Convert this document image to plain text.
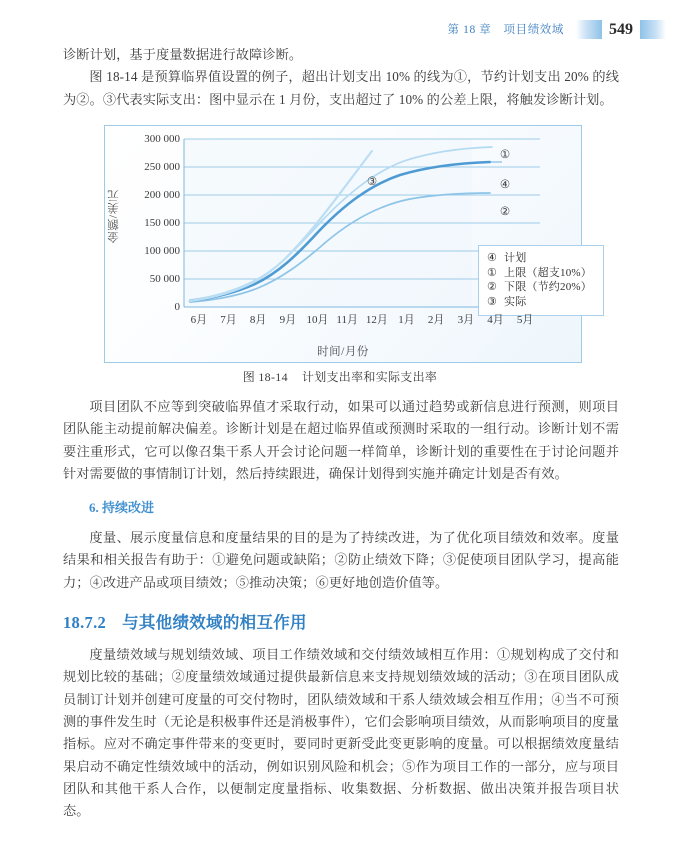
第 18 章　项目绩效域	549

诊断计划，基于度量数据进行故障诊断。

图 18-14 是预算临界值设置的例子，超出计划支出 10% 的线为①，节约计划支出 20% 的线为②。③代表实际支出：图中显示在 1 月份，支出超过了 10% 的公差上限，将触发诊断计划。

金额/美元
时间/月份
0
50 000
100 000
150 000
200 000
250 000
300 000
④ 计划
① 上限（超支10%）
② 下限（节约20%）
③ 实际
6月 7月 8月 9月 10月 11月 12月 1月 2月 3月 4月 5月
①
④
②
③
图 18-14 计划支出率和实际支出率

项目团队不应等到突破临界值才采取行动，如果可以通过趋势或新信息进行预测，则项目团队能主动提前解决偏差。诊断计划是在超过临界值或预测时采取的一组行动。诊断计划不需要注重形式，它可以像召集干系人开会讨论问题一样简单，诊断计划的重要性在于讨论问题并针对需要做的事情制订计划，然后持续跟进，确保计划得到实施并确定计划是否有效。

6. 持续改进

度量、展示度量信息和度量结果的目的是为了持续改进，为了优化项目绩效和效率。度量结果和相关报告有助于：①避免问题或缺陷；②防止绩效下降；③促使项目团队学习，提高能力；④改进产品或项目绩效；⑤推动决策；⑥更好地创造价值等。

18.7.2 与其他绩效域的相互作用

度量绩效域与规划绩效域、项目工作绩效域和交付绩效域相互作用：①规划构成了交付和规划比较的基础；②度量绩效域通过提供最新信息来支持规划绩效域的活动；③在项目团队成员制订计划并创建可度量的可交付物时，团队绩效域和干系人绩效域会相互作用；④当不可预测的事件发生时（无论是积极事件还是消极事件），它们会影响项目绩效，从而影响项目的度量指标。应对不确定事件带来的变更时，要同时更新受此变更影响的度量。可以根据绩效度量结果启动不确定性绩效域中的活动，例如识别风险和机会；⑤作为项目工作的一部分，应与项目团队和其他干系人合作，以便制定度量指标、收集数据、分析数据、做出决策并报告项目状态。
